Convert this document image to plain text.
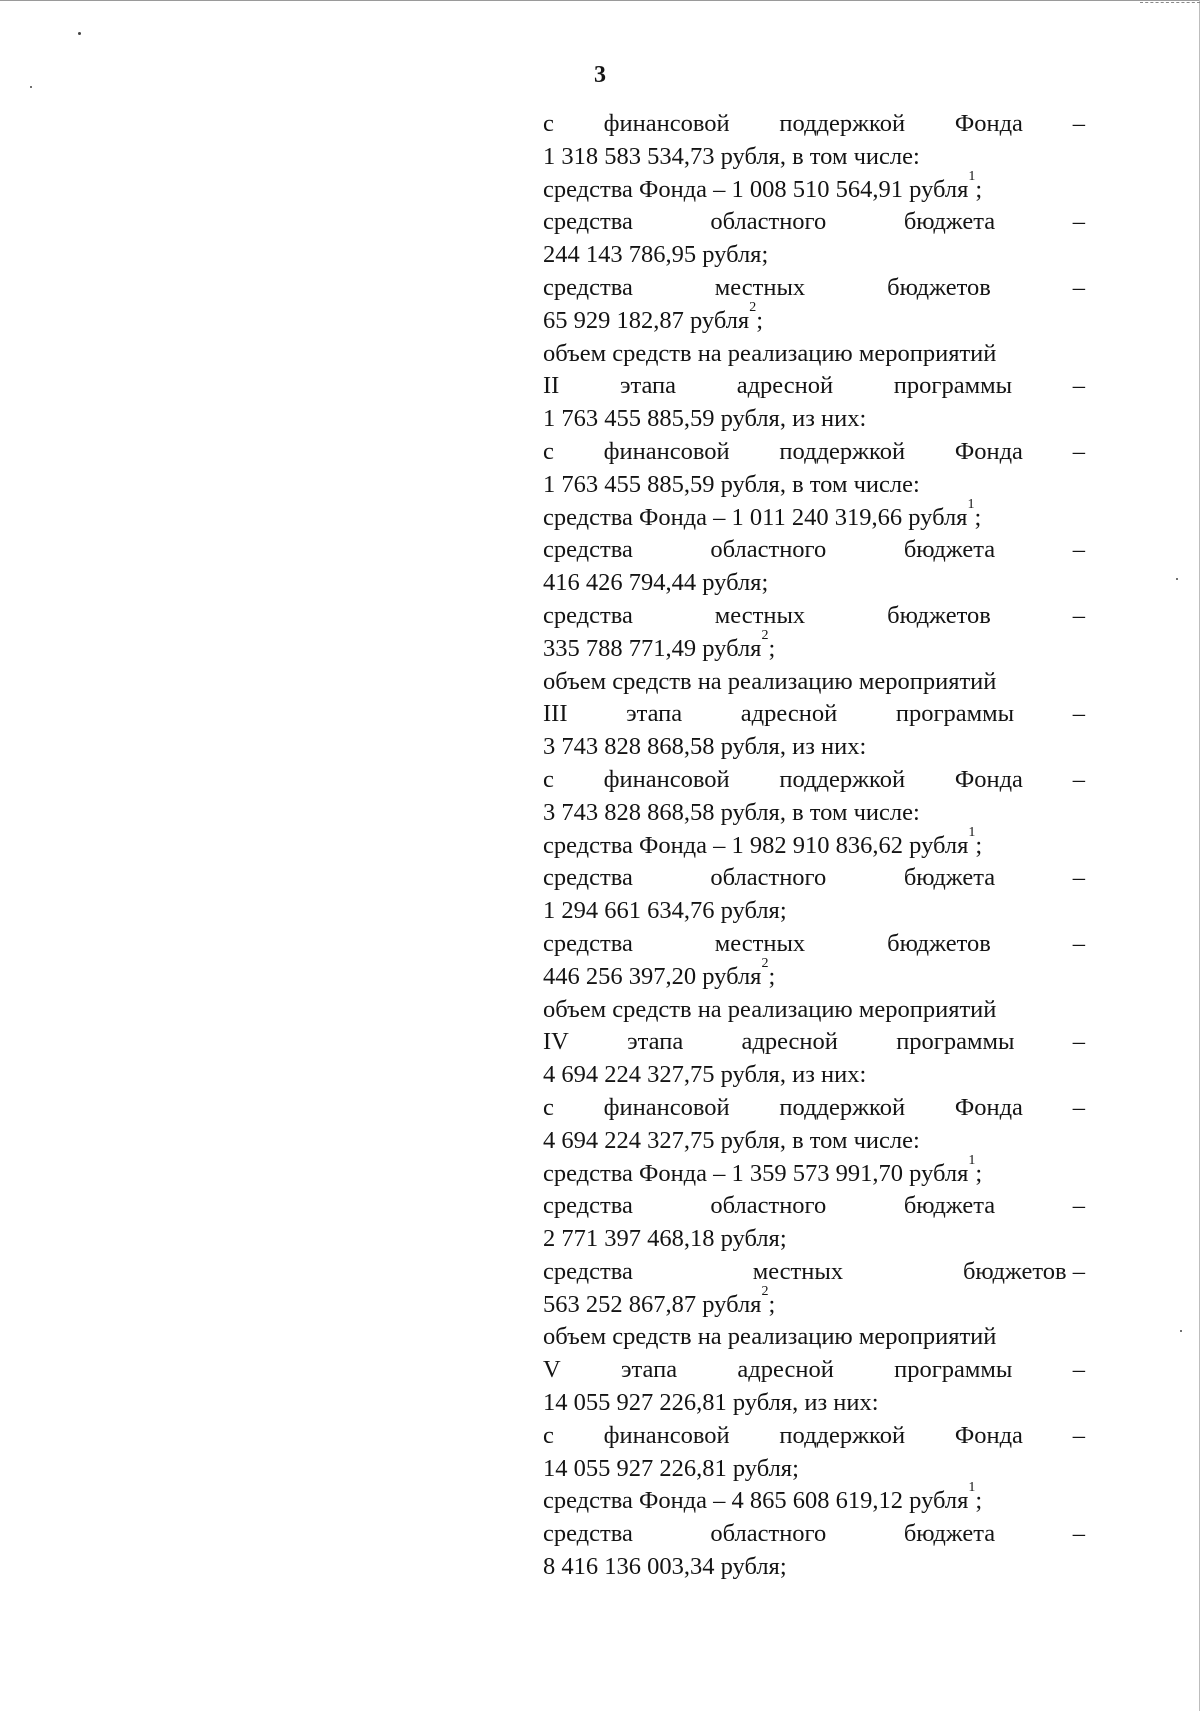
3
с финансовой поддержкой Фонда –
1 318 583 534,73 рубля, в том числе:
средства Фонда – 1 008 510 564,91 рубля$^1$;
средства	областного	бюджета	–
244 143 786,95 рубля;
средства	местных	бюджетов	–
65 929 182,87 рубля$^2$;
объем средств на реализацию мероприятий
II этапа адресной программы –
1 763 455 885,59 рубля, из них:
с финансовой поддержкой Фонда –
1 763 455 885,59 рубля, в том числе:
средства Фонда – 1 011 240 319,66 рубля$^1$;
средства	областного	бюджета	–
416 426 794,44 рубля;
средства	местных	бюджетов	–
335 788 771,49 рубля$^2$;
объем средств на реализацию мероприятий
III этапа адресной программы –
3 743 828 868,58 рубля, из них:
с финансовой поддержкой Фонда –
3 743 828 868,58 рубля, в том числе:
средства Фонда – 1 982 910 836,62 рубля$^1$;
средства	областного	бюджета	–
1 294 661 634,76 рубля;
средства	местных	бюджетов	–
446 256 397,20 рубля$^2$;
объем средств на реализацию мероприятий
IV этапа адресной программы –
4 694 224 327,75 рубля, из них:
с финансовой поддержкой Фонда –
4 694 224 327,75 рубля, в том числе:
средства Фонда – 1 359 573 991,70 рубля$^1$;
средства	областного	бюджета	–
2 771 397 468,18 рубля;
средства	местных	бюджетов –
563 252 867,87 рубля$^2$;
объем средств на реализацию мероприятий
V этапа адресной программы –
14 055 927 226,81 рубля, из них:
с финансовой поддержкой Фонда –
14 055 927 226,81 рубля;
средства Фонда – 4 865 608 619,12 рубля$^1$;
средства	областного	бюджета	–
8 416 136 003,34 рубля;
